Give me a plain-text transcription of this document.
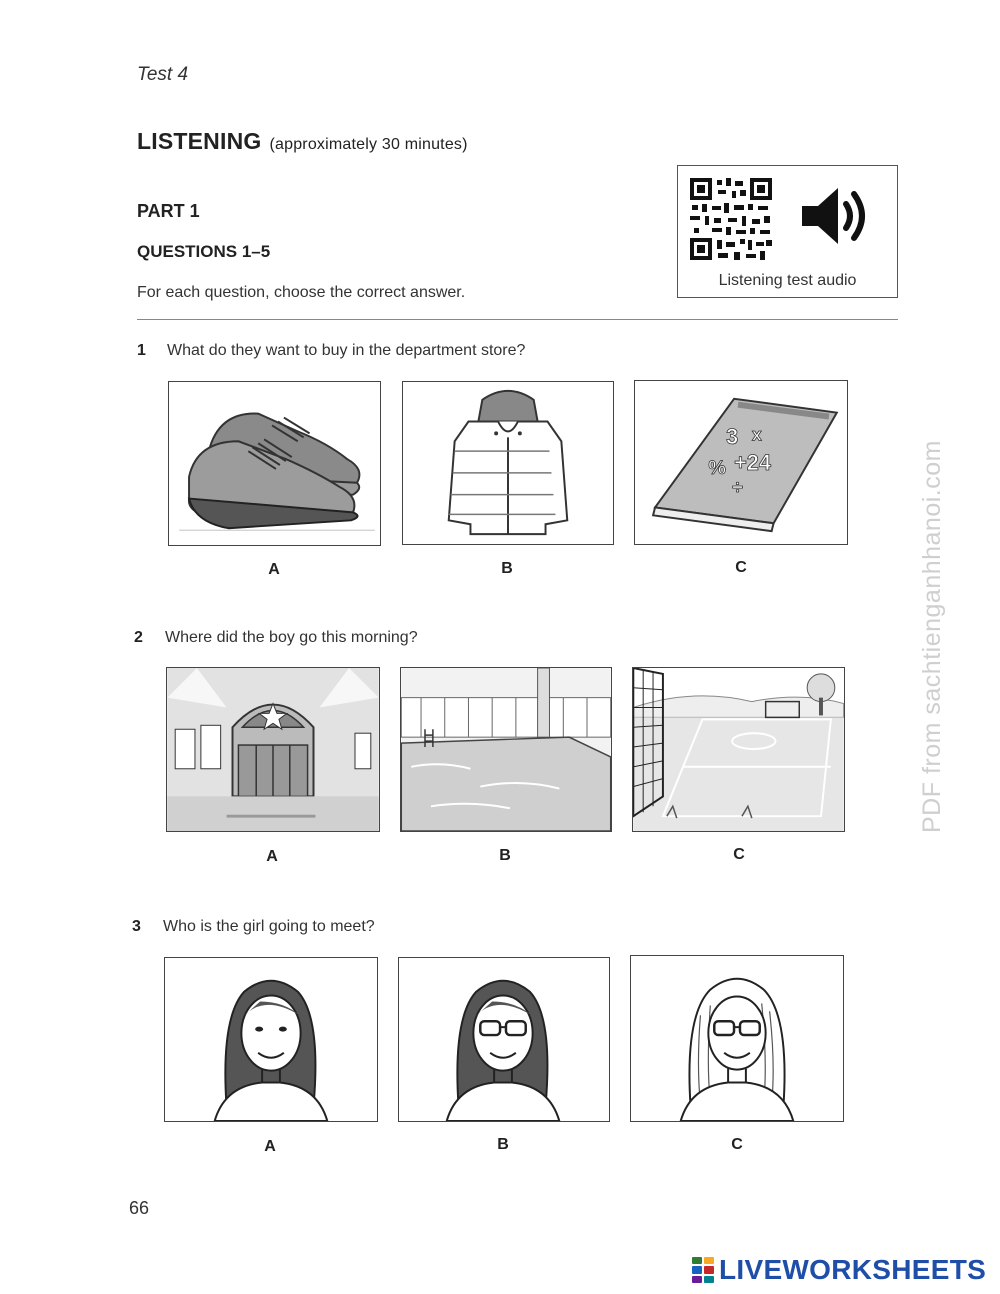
Test 4
LISTENING (approximately 30 minutes)
PART 1
QUESTIONS 1–5
For each question, choose the correct answer.
Listening test audio
1 What do they want to buy in the department store?
3 x
% +24
÷
A	B	C
2 Where did the boy go this morning?
A	B	C
3 Who is the girl going to meet?
A	B	C
66
PDF from sachtienganhhanoi.com
LIVEWORKSHEETS
